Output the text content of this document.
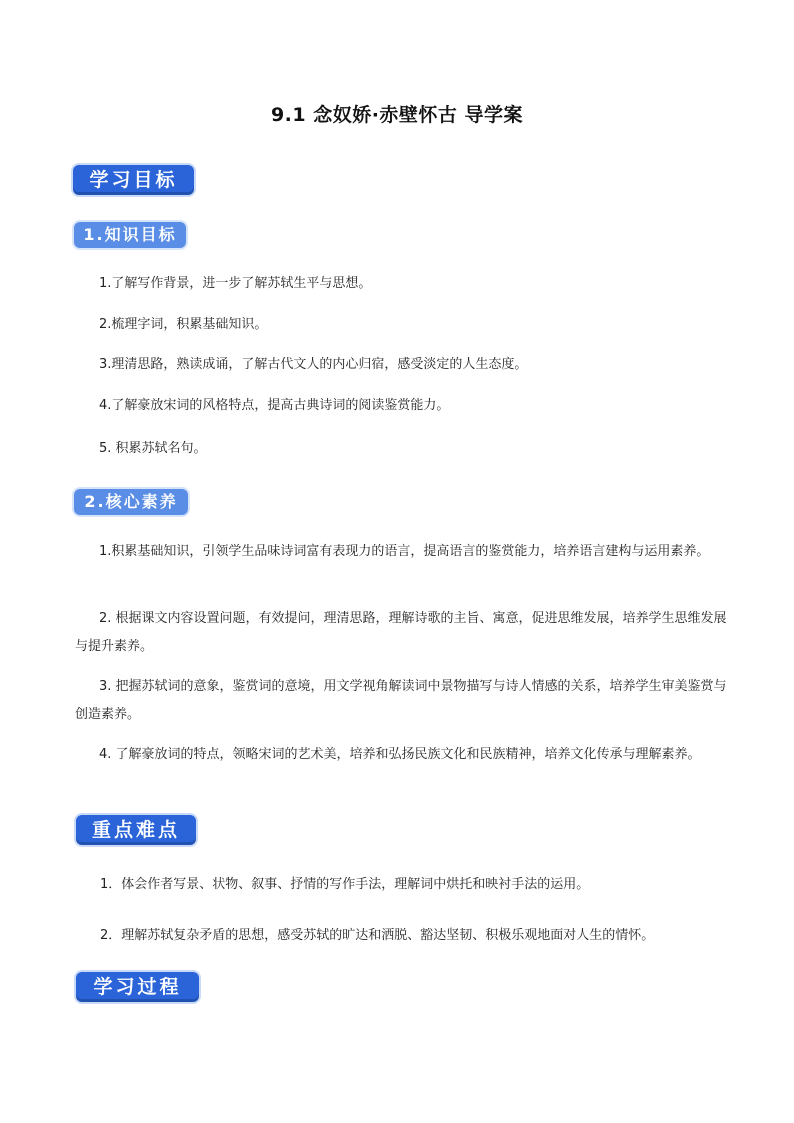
9.1 念奴娇·赤壁怀古 导学案
学习目标
1.知识目标
1.了解写作背景，进一步了解苏轼生平与思想。
2.梳理字词，积累基础知识。
3.理清思路，熟读成诵，了解古代文人的内心归宿，感受淡定的人生态度。
4.了解豪放宋词的风格特点，提高古典诗词的阅读鉴赏能力。
5. 积累苏轼名句。
2.核心素养
1.积累基础知识，引领学生品味诗词富有表现力的语言，提高语言的鉴赏能力，培养语言建构与运用素养。
2. 根据课文内容设置问题，有效提问，理清思路，理解诗歌的主旨、寓意，促进思维发展，培养学生思维发展与提升素养。
3. 把握苏轼词的意象，鉴赏词的意境，用文学视角解读词中景物描写与诗人情感的关系，培养学生审美鉴赏与创造素养。
4. 了解豪放词的特点，领略宋词的艺术美，培养和弘扬民族文化和民族精神，培养文化传承与理解素养。
重点难点
1．体会作者写景、状物、叙事、抒情的写作手法，理解词中烘托和映衬手法的运用。
2．理解苏轼复杂矛盾的思想，感受苏轼的旷达和洒脱、豁达坚韧、积极乐观地面对人生的情怀。
学习过程
